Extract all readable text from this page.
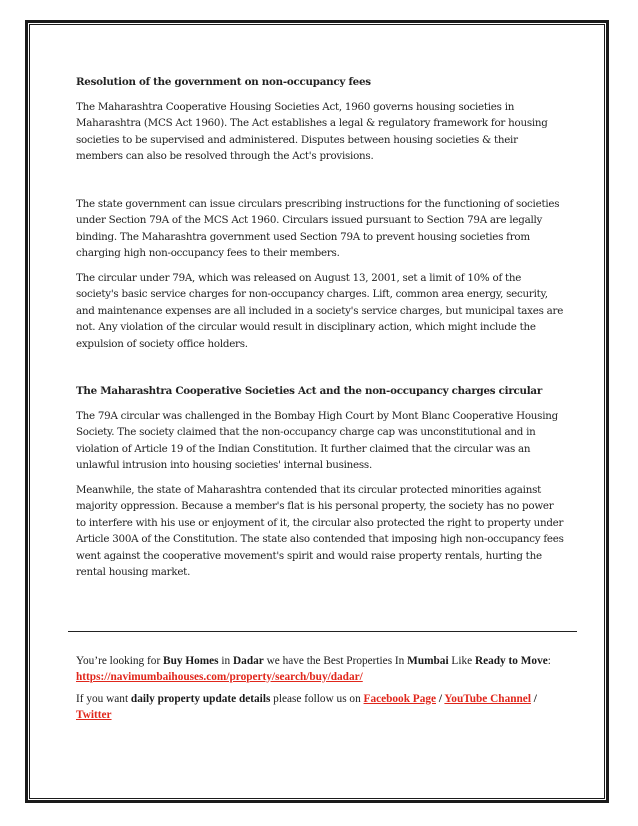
Resolution of the government on non-occupancy fees

The Maharashtra Cooperative Housing Societies Act, 1960 governs housing societies in Maharashtra (MCS Act 1960). The Act establishes a legal & regulatory framework for housing societies to be supervised and administered. Disputes between housing societies & their members can also be resolved through the Act's provisions.

The state government can issue circulars prescribing instructions for the functioning of societies under Section 79A of the MCS Act 1960. Circulars issued pursuant to Section 79A are legally binding. The Maharashtra government used Section 79A to prevent housing societies from charging high non-occupancy fees to their members.

The circular under 79A, which was released on August 13, 2001, set a limit of 10% of the society's basic service charges for non-occupancy charges. Lift, common area energy, security, and maintenance expenses are all included in a society's service charges, but municipal taxes are not. Any violation of the circular would result in disciplinary action, which might include the expulsion of society office holders.

The Maharashtra Cooperative Societies Act and the non-occupancy charges circular

The 79A circular was challenged in the Bombay High Court by Mont Blanc Cooperative Housing Society. The society claimed that the non-occupancy charge cap was unconstitutional and in violation of Article 19 of the Indian Constitution. It further claimed that the circular was an unlawful intrusion into housing societies' internal business.

Meanwhile, the state of Maharashtra contended that its circular protected minorities against majority oppression. Because a member's flat is his personal property, the society has no power to interfere with his use or enjoyment of it, the circular also protected the right to property under Article 300A of the Constitution. The state also contended that imposing high non-occupancy fees went against the cooperative movement's spirit and would raise property rentals, hurting the rental housing market.

You’re looking for Buy Homes in Dadar we have the Best Properties In Mumbai Like Ready to Move: https://navimumbaihouses.com/property/search/buy/dadar/

If you want daily property update details please follow us on Facebook Page / YouTube Channel / Twitter
